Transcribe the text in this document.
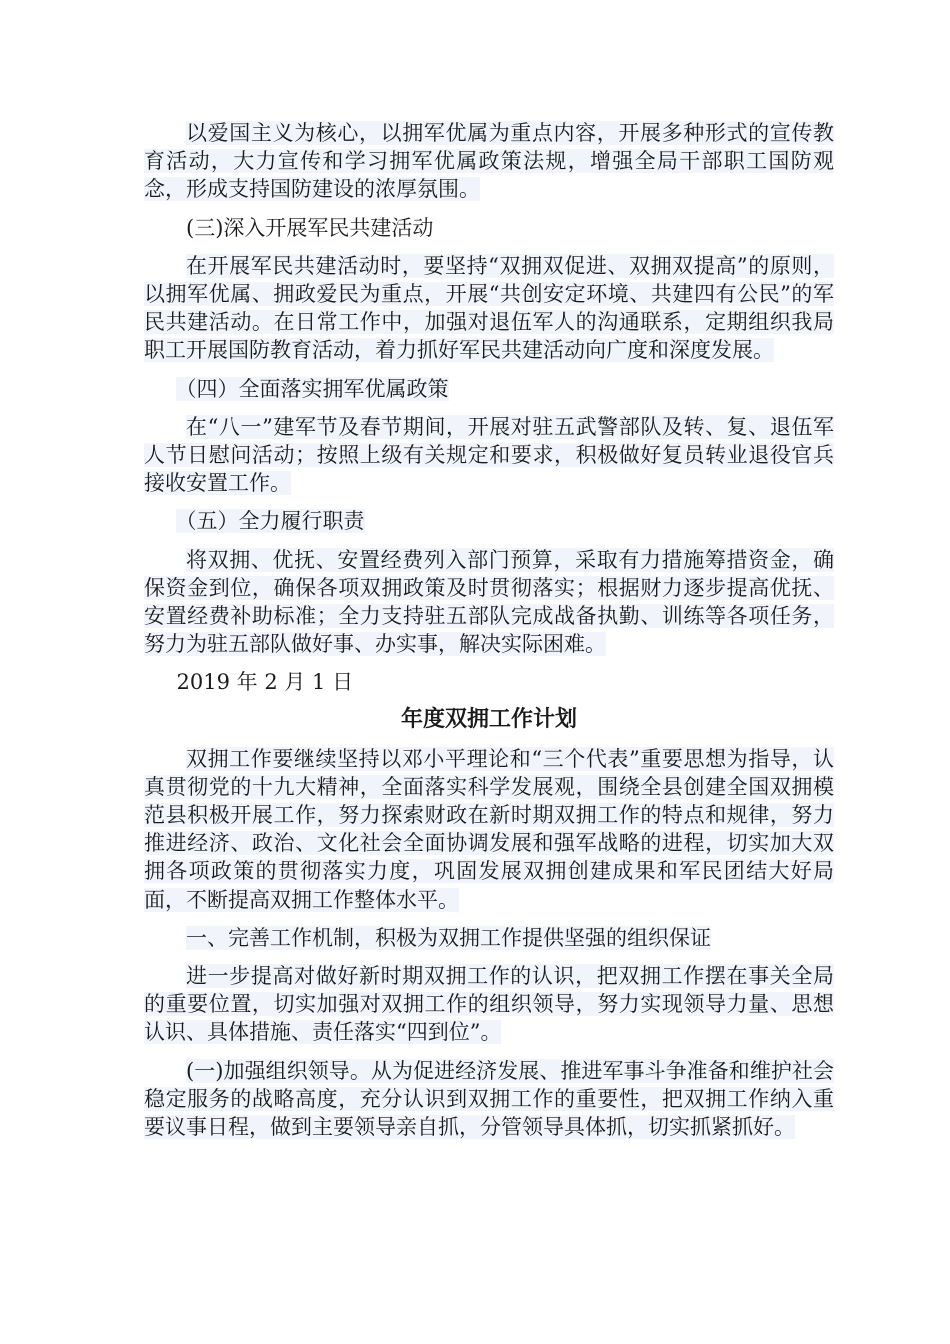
以爱国主义为核心，以拥军优属为重点内容，开展多种形式的宣传教育活动，大力宣传和学习拥军优属政策法规，增强全局干部职工国防观念，形成支持国防建设的浓厚氛围。

(三)深入开展军民共建活动

在开展军民共建活动时，要坚持“双拥双促进、双拥双提高”的原则，以拥军优属、拥政爱民为重点，开展“共创安定环境、共建四有公民”的军民共建活动。在日常工作中，加强对退伍军人的沟通联系，定期组织我局职工开展国防教育活动，着力抓好军民共建活动向广度和深度发展。

（四）全面落实拥军优属政策

在“八一”建军节及春节期间，开展对驻五武警部队及转、复、退伍军人节日慰问活动；按照上级有关规定和要求，积极做好复员转业退役官兵接收安置工作。

（五）全力履行职责

将双拥、优抚、安置经费列入部门预算，采取有力措施筹措资金，确保资金到位，确保各项双拥政策及时贯彻落实；根据财力逐步提高优抚、安置经费补助标准；全力支持驻五部队完成战备执勤、训练等各项任务，努力为驻五部队做好事、办实事，解决实际困难。

2019 年 2 月 1 日

年度双拥工作计划

双拥工作要继续坚持以邓小平理论和“三个代表”重要思想为指导，认真贯彻党的十九大精神，全面落实科学发展观，围绕全县创建全国双拥模范县积极开展工作，努力探索财政在新时期双拥工作的特点和规律，努力推进经济、政治、文化社会全面协调发展和强军战略的进程，切实加大双拥各项政策的贯彻落实力度，巩固发展双拥创建成果和军民团结大好局面，不断提高双拥工作整体水平。

一、完善工作机制，积极为双拥工作提供坚强的组织保证

进一步提高对做好新时期双拥工作的认识，把双拥工作摆在事关全局的重要位置，切实加强对双拥工作的组织领导，努力实现领导力量、思想认识、具体措施、责任落实“四到位”。

(一)加强组织领导。从为促进经济发展、推进军事斗争准备和维护社会稳定服务的战略高度，充分认识到双拥工作的重要性，把双拥工作纳入重要议事日程，做到主要领导亲自抓，分管领导具体抓，切实抓紧抓好。
